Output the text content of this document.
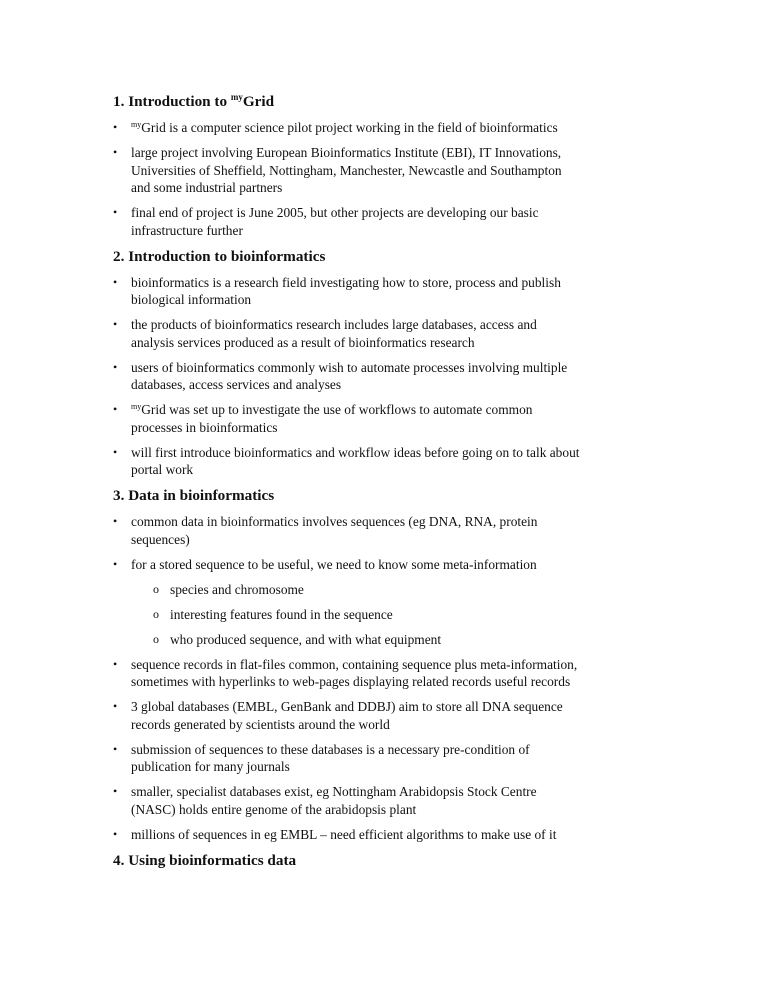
1. Introduction to $^{my}$Grid
• $^{my}$Grid is a computer science pilot project working in the field of bioinformatics
• large project involving European Bioinformatics Institute (EBI), IT Innovations, Universities of Sheffield, Nottingham, Manchester, Newcastle and Southampton and some industrial partners
• final end of project is June 2005, but other projects are developing our basic infrastructure further
2. Introduction to bioinformatics
• bioinformatics is a research field investigating how to store, process and publish biological information
• the products of bioinformatics research includes large databases, access and analysis services produced as a result of bioinformatics research
• users of bioinformatics commonly wish to automate processes involving multiple databases, access services and analyses
• $^{my}$Grid was set up to investigate the use of workflows to automate common processes in bioinformatics
• will first introduce bioinformatics and workflow ideas before going on to talk about portal work
3. Data in bioinformatics
• common data in bioinformatics involves sequences (eg DNA, RNA, protein sequences)
• for a stored sequence to be useful, we need to know some meta-information
o species and chromosome
o interesting features found in the sequence
o who produced sequence, and with what equipment
• sequence records in flat-files common, containing sequence plus meta-information, sometimes with hyperlinks to web-pages displaying related records useful records
• 3 global databases (EMBL, GenBank and DDBJ) aim to store all DNA sequence records generated by scientists around the world
• submission of sequences to these databases is a necessary pre-condition of publication for many journals
• smaller, specialist databases exist, eg Nottingham Arabidopsis Stock Centre (NASC) holds entire genome of the arabidopsis plant
• millions of sequences in eg EMBL – need efficient algorithms to make use of it
4. Using bioinformatics data
